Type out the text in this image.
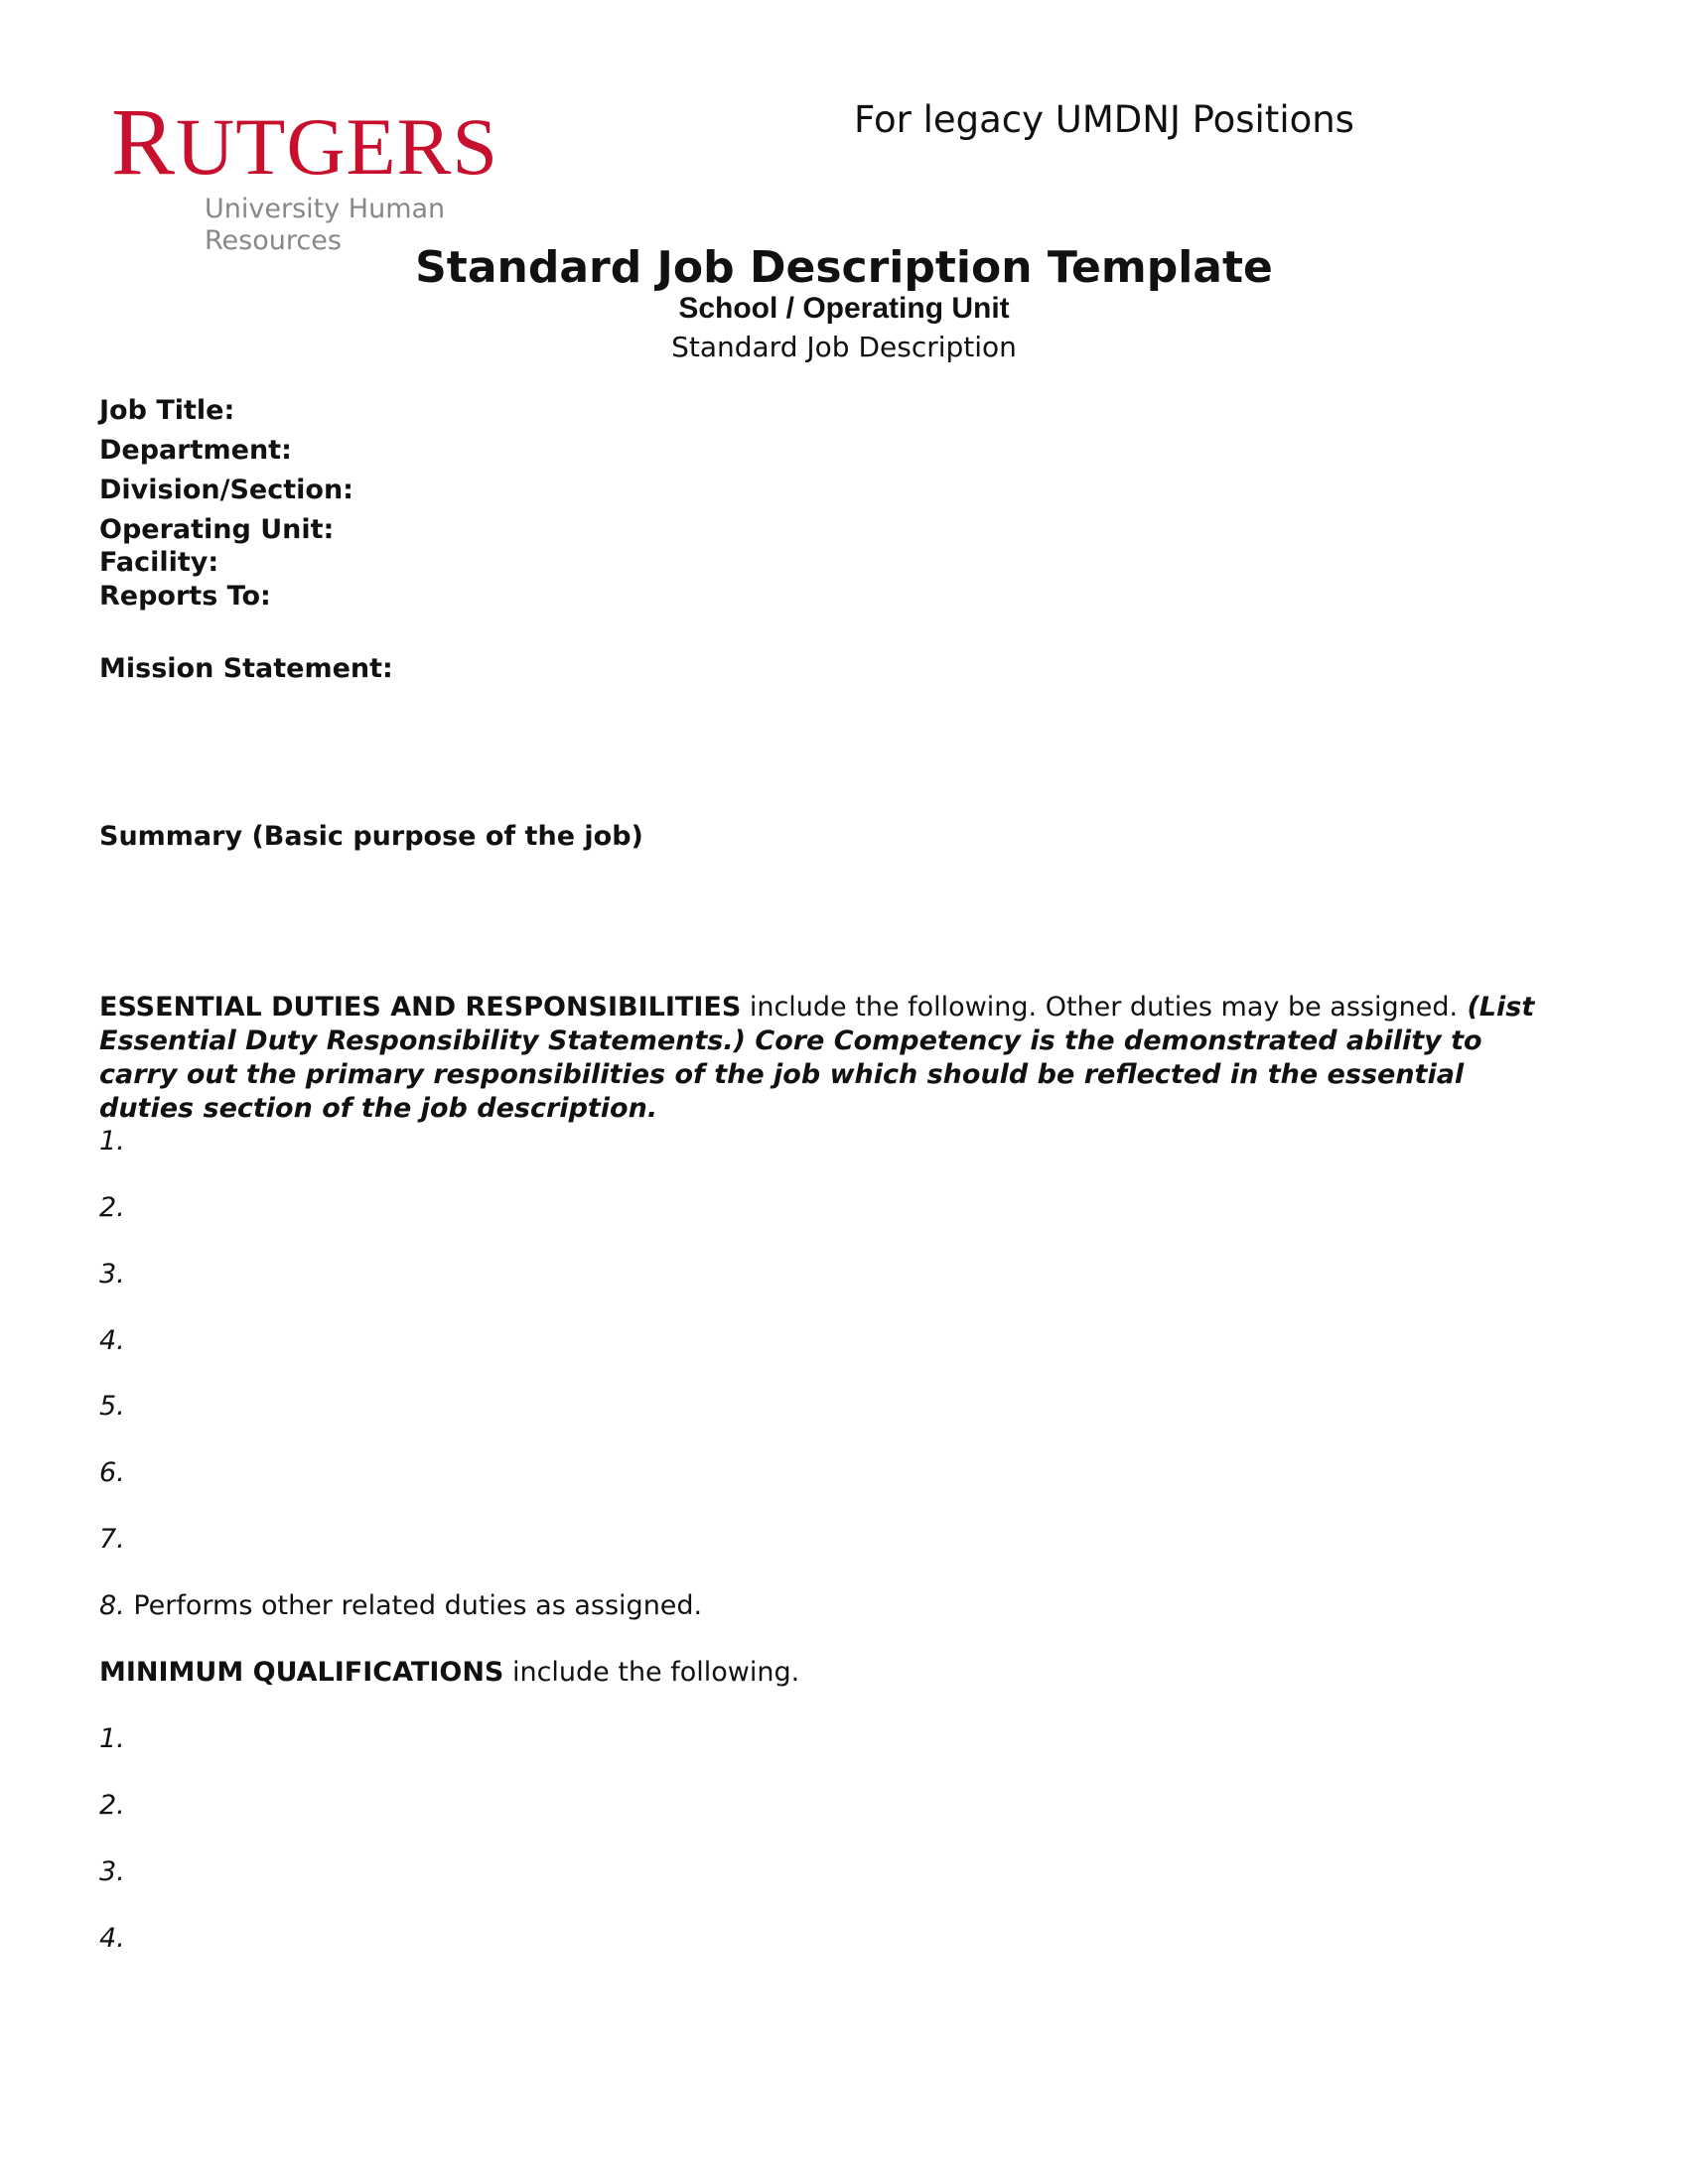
RUTGERS
University Human Resources
For legacy UMDNJ Positions
Standard Job Description Template
School / Operating Unit
Standard Job Description
Job Title:
Department:
Division/Section:
Operating Unit:
Facility:
Reports To:
Mission Statement:
Summary (Basic purpose of the job)
ESSENTIAL DUTIES AND RESPONSIBILITIES include the following. Other duties may be assigned. (List Essential Duty Responsibility Statements.) Core Competency is the demonstrated ability to carry out the primary responsibilities of the job which should be reflected in the essential duties section of the job description.
1.
2.
3.
4.
5.
6.
7.
8. Performs other related duties as assigned.
MINIMUM QUALIFICATIONS include the following.
1.
2.
3.
4.
